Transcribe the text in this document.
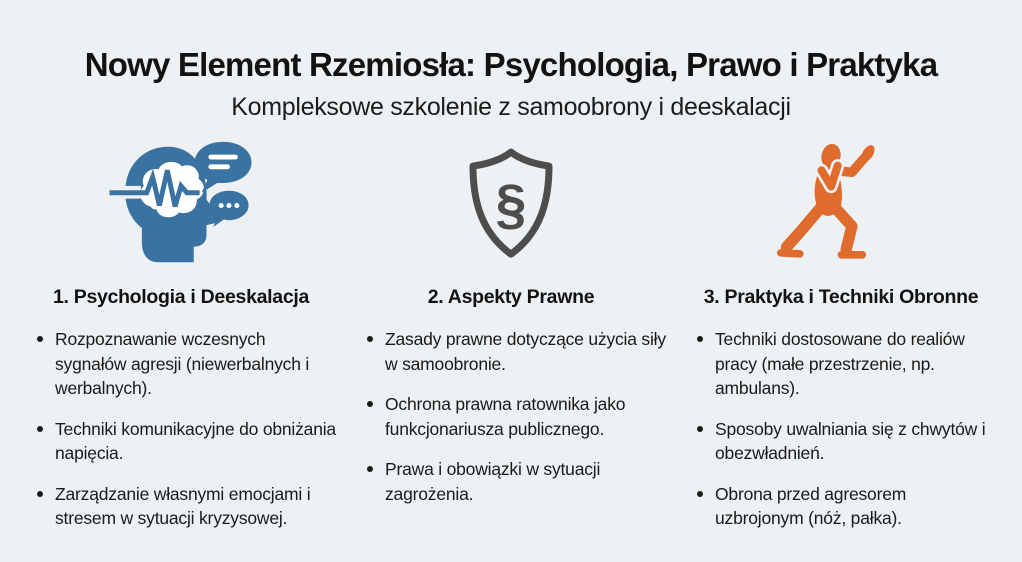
Nowy Element Rzemiosła: Psychologia, Prawo i Praktyka
Kompleksowe szkolenie z samoobrony i deeskalacji
1. Psychologia i Deeskalacja
Rozpoznawanie wczesnych sygnałów agresji (niewerbalnych i werbalnych).
Techniki komunikacyjne do obniżania napięcia.
Zarządzanie własnymi emocjami i stresem w sytuacji kryzysowej.
§
2. Aspekty Prawne
Zasady prawne dotyczące użycia siły w samoobronie.
Ochrona prawna ratownika jako funkcjonariusza publicznego.
Prawa i obowiązki w sytuacji zagrożenia.
3. Praktyka i Techniki Obronne
Techniki dostosowane do realiów pracy (małe przestrzenie, np. ambulans).
Sposoby uwalniania się z chwytów i obezwładnień.
Obrona przed agresorem uzbrojonym (nóż, pałka).
